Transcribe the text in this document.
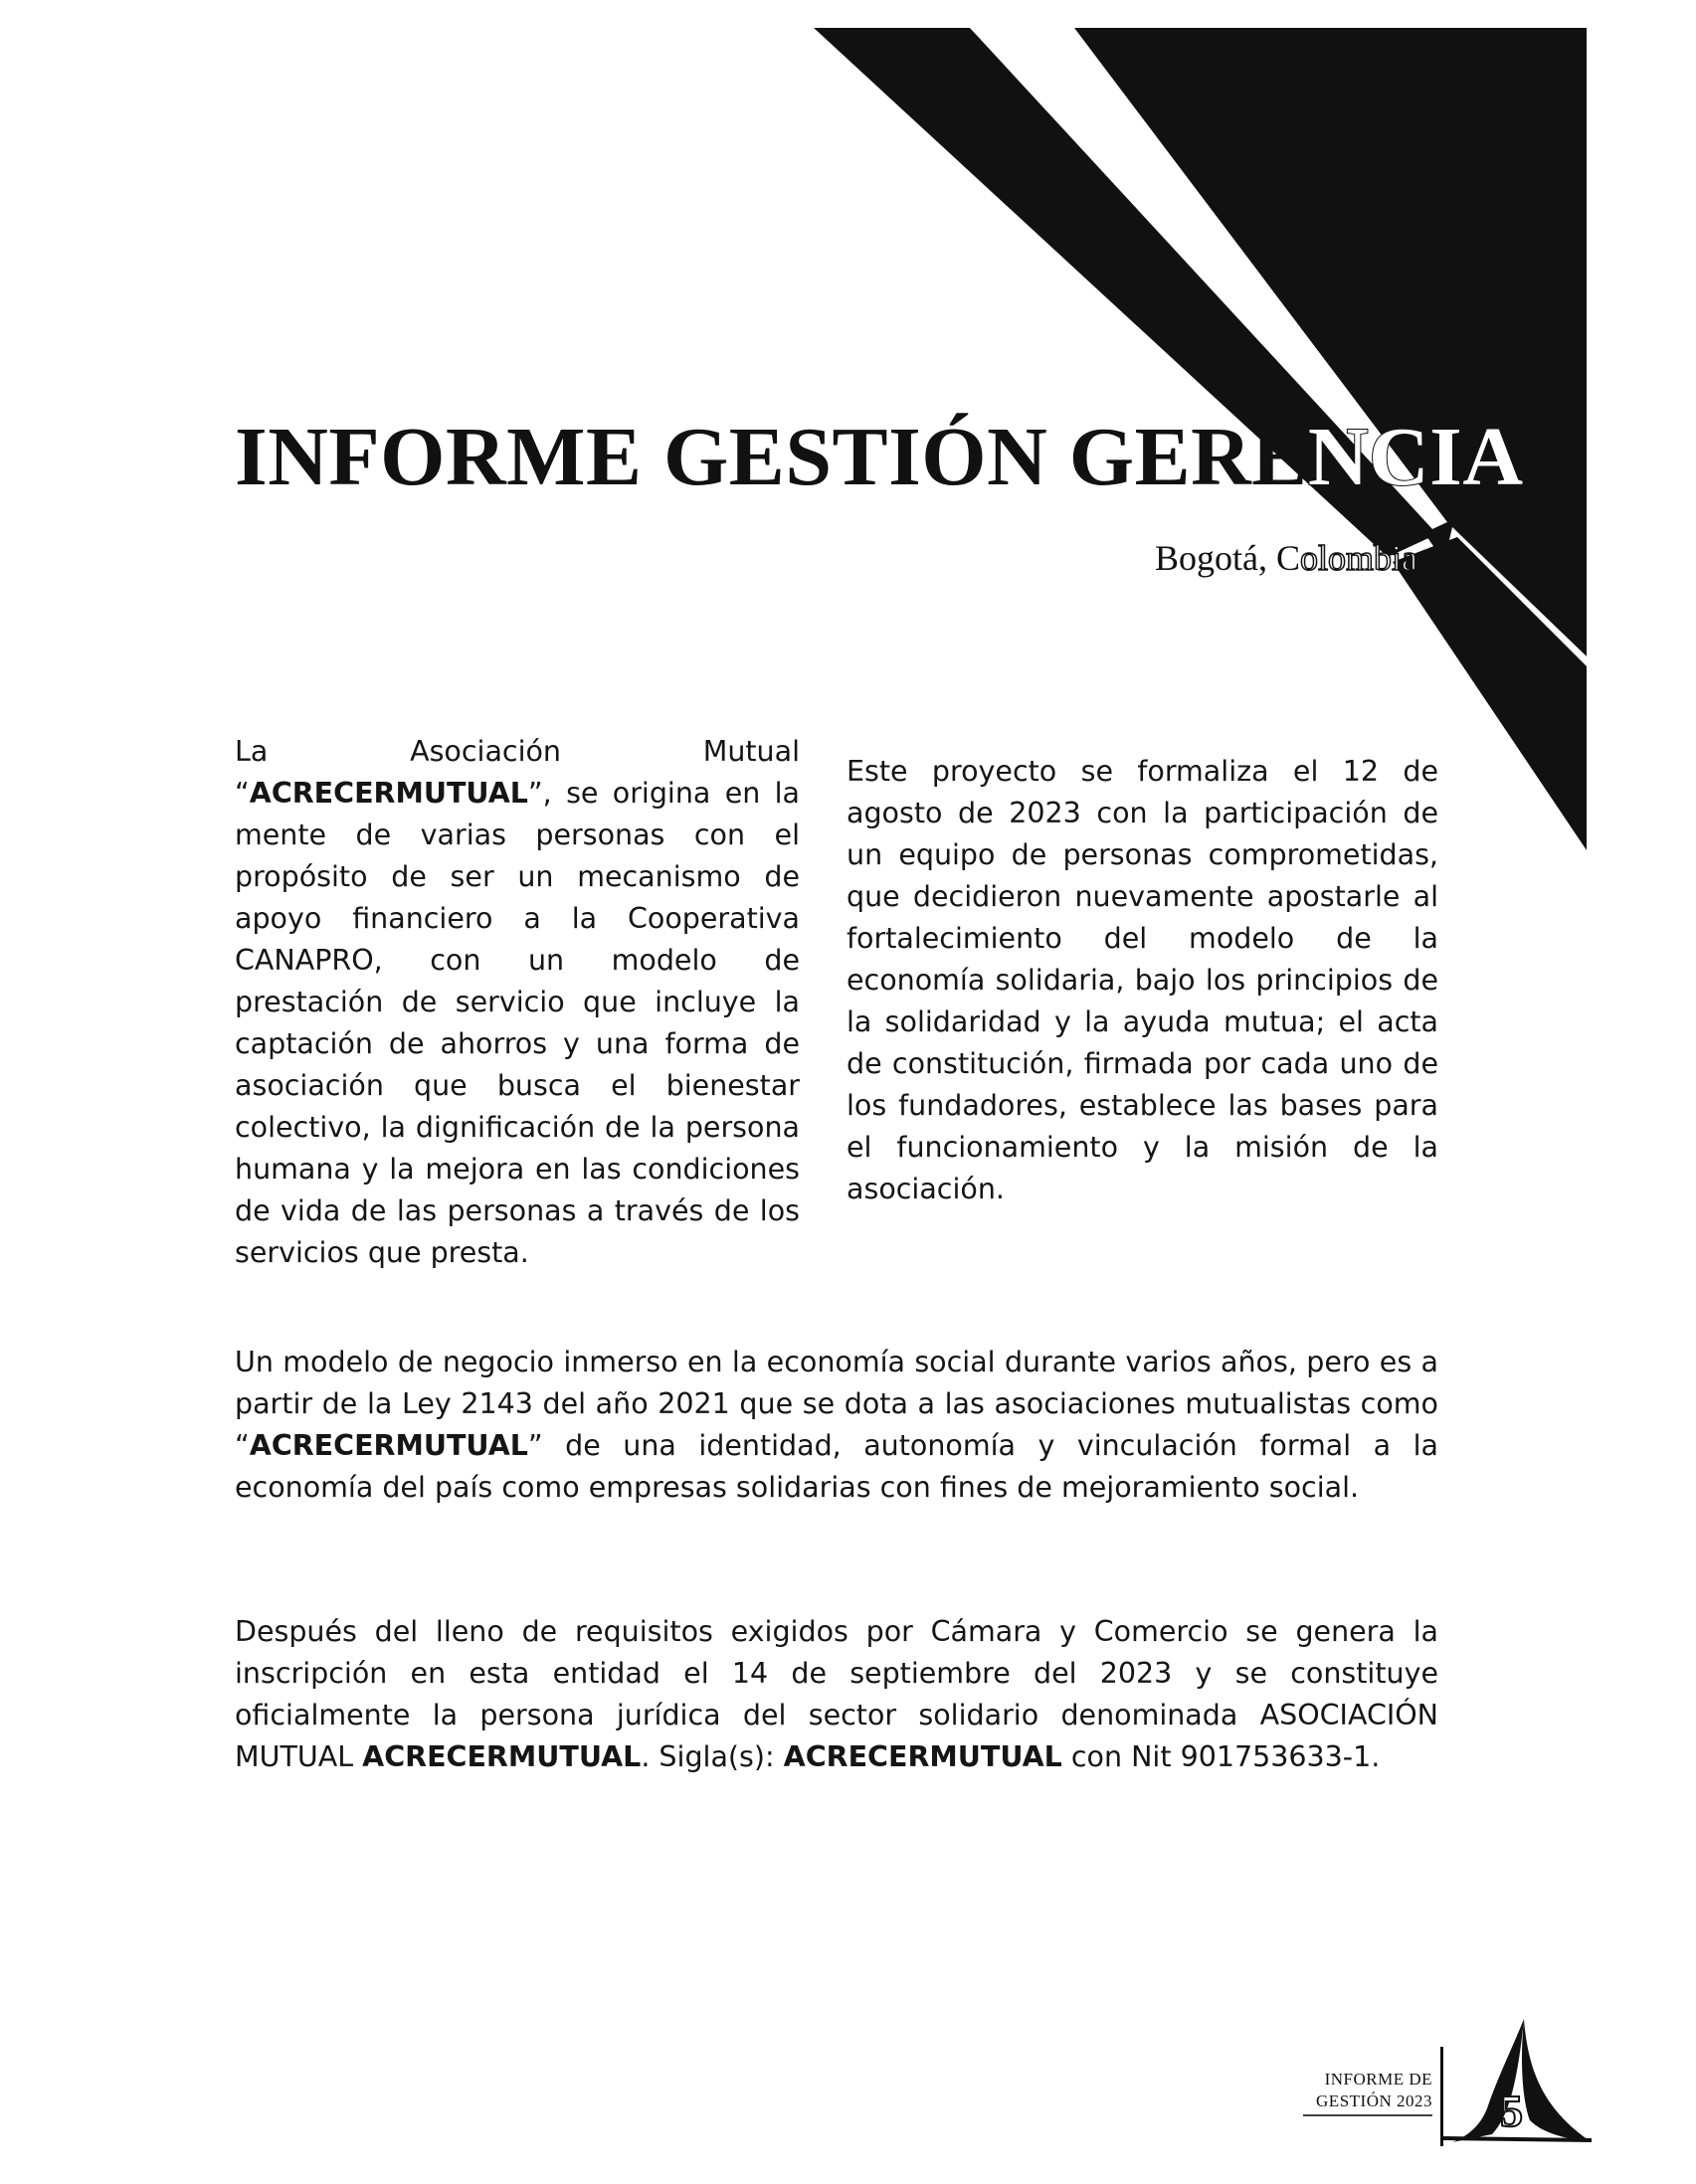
INFORME GESTIÓN GERENCIA
Bogotá, Colombia

La Asociación Mutual “ACRECERMUTUAL”, se origina en la mente de varias personas con el propósito de ser un mecanismo de apoyo financiero a la Cooperativa CANAPRO, con un modelo de prestación de servicio que incluye la captación de ahorros y una forma de asociación que busca el bienestar colectivo, la dignificación de la persona humana y la mejora en las condiciones de vida de las personas a través de los servicios que presta.

Este proyecto se formaliza el 12 de agosto de 2023 con la participación de un equipo de personas comprometidas, que decidieron nuevamente apostarle al fortalecimiento del modelo de la economía solidaria, bajo los principios de la solidaridad y la ayuda mutua; el acta de constitución, firmada por cada uno de los fundadores, establece las bases para el funcionamiento y la misión de la asociación.

Un modelo de negocio inmerso en la economía social durante varios años, pero es a partir de la Ley 2143 del año 2021 que se dota a las asociaciones mutualistas como “ACRECERMUTUAL” de una identidad, autonomía y vinculación formal a la economía del país como empresas solidarias con fines de mejoramiento social.

Después del lleno de requisitos exigidos por Cámara y Comercio se genera la inscripción en esta entidad el 14 de septiembre del 2023 y se constituye oficialmente la persona jurídica del sector solidario denominada ASOCIACIÓN MUTUAL ACRECERMUTUAL. Sigla(s): ACRECERMUTUAL con Nit 901753633-1.

INFORME DE
GESTIÓN 2023 5
